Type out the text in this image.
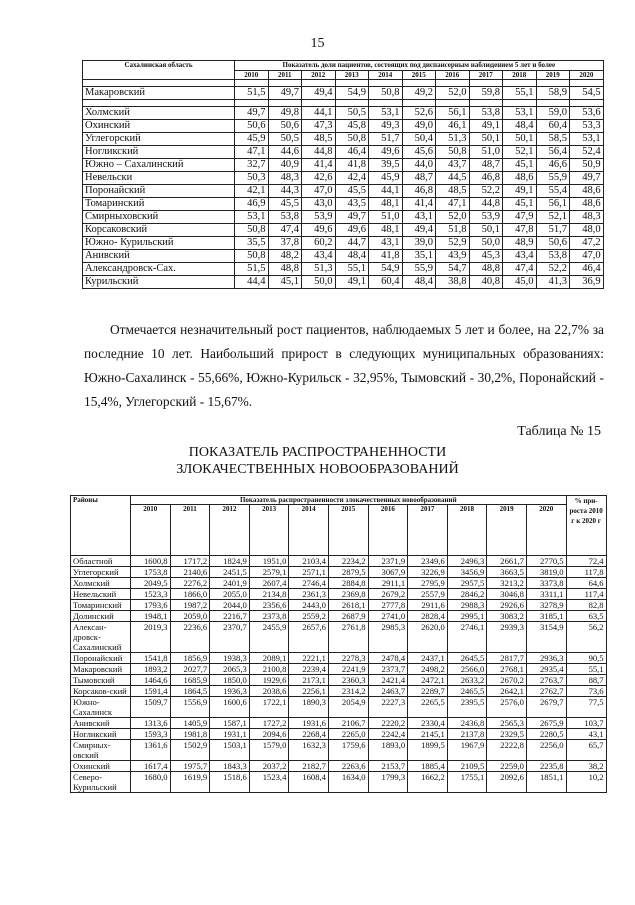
15
Сахалинская область	Показатель доли пациентов, состоящих под диспансерным наблюдением 5 лет и более										
	2010	2011	2012	2013	2014	2015	2016	2017	2018	2019	2020

Макаровский	51,5	49,7	49,4	54,9	50,8	49,2	52,0	59,8	55,1	58,9	54,5

Холмский	49,7	49,8	44,1	50,5	53,1	52,6	56,1	53,8	53,1	59,0	53,6
Охинский	50,6	50,6	47,3	45,8	49,3	49,0	46,1	49,1	48,4	60,4	53,3
Углегорский	45,9	50,5	48,5	50,8	51,7	50,4	51,3	50,1	50,1	58,5	53,1
Ногликский	47,1	44,6	44,8	46,4	49,6	45,6	50,8	51,0	52,1	56,4	52,4
Южно – Сахалинский	32,7	40,9	41,4	41,8	39,5	44,0	43,7	48,7	45,1	46,6	50,9
Невельски	50,3	48,3	42,6	42,4	45,9	48,7	44,5	46,8	48,6	55,9	49,7
Поронайский	42,1	44,3	47,0	45,5	44,1	46,8	48,5	52,2	49,1	55,4	48,6
Томаринский	46,9	45,5	43,0	43,5	48,1	41,4	47,1	44,8	45,1	56,1	48,6
Смирныховский	53,1	53,8	53,9	49,7	51,0	43,1	52,0	53,9	47,9	52,1	48,3
Корсаковский	50,8	47,4	49,6	49,6	48,1	49,4	51,8	50,1	47,8	51,7	48,0
Южно- Курильский	35,5	37,8	60,2	44,7	43,1	39,0	52,9	50,0	48,9	50,6	47,2
Анивский	50,8	48,2	43,4	48,4	41,8	35,1	43,9	45,3	43,4	53,8	47,0
Александровск-Сах.	51,5	48,8	51,3	55,1	54,9	55,9	54,7	48,8	47,4	52,2	46,4
Курильский	44,4	45,1	50,0	49,1	60,4	48,4	38,8	40,8	45,0	41,3	36,9

Отмечается незначительный рост пациентов, наблюдаемых 5 лет и более, на 22,7% за последние 10 лет. Наибольший прирост в следующих муниципальных образованиях: Южно-Сахалинск - 55,66%, Южно-Курильск - 32,95%, Тымовский - 30,2%, Поронайский - 15,4%, Углегорский - 15,67%.

Таблица № 15
ПОКАЗАТЕЛЬ РАСПРОСТРАНЕННОСТИ
ЗЛОКАЧЕСТВЕННЫХ НОВООБРАЗОВАНИЙ
Районы	Показатель распространенности злокачественных новообразований											% при-роста 2010 г к 2020 г
	2010	2011	2012	2013	2014	2015	2016	2017	2018	2019	2020	
Областной	1600,8	1717,2	1824,9	1951,0	2103,4	2234,2	2371,9	2349,6	2496,3	2661,7	2770,5	72,4
Углегорский	1753,8	2140,6	2451,5	2579,1	2571,1	2879,5	3067,9	3226,9	3456,9	3663,5	3819,0	117,8
Холмский	2049,5	2276,2	2401,9	2607,4	2746,4	2884,8	2911,1	2795,9	2957,5	3213,2	3373,8	64,6
Невельский	1523,3	1866,0	2055,0	2134,8	2361,3	2369,8	2679,2	2557,9	2846,2	3046,8	3311,1	117,4
Томаринский	1793,6	1987,2	2044,0	2356,6	2443,0	2618,1	2777,8	2911,6	2988,3	2926,6	3278,9	82,8
Долинский	1948,1	2059,0	2216,7	2373,8	2559,2	2687,9	2741,0	2828,4	2995,1	3083,2	3185,1	63,5
Алексан-дровск-Сахалинский	2019,3	2236,6	2370,7	2455,9	2657,6	2761,8	2985,3	2620,0	2746,1	2939,3	3154,9	56,2
Поронайский	1541,8	1856,9	1938,3	2089,1	2221,1	2278,3	2478,4	2437,1	2645,5	2817,7	2936,3	90,5
Макаровский	1893,2	2027,7	2065,3	2100,8	2239,4	2241,9	2373,7	2498,2	2566,0	2768,1	2935,4	55,1
Тымовский	1464,6	1685,9	1850,0	1929,6	2173,1	2360,3	2421,4	2472,1	2633,2	2670,2	2763,7	88,7
Корсаков-ский	1591,4	1864,5	1936,3	2038,6	2256,1	2314,2	2463,7	2289,7	2465,5	2642,1	2762,7	73,6
Южно-Сахалинск	1509,7	1556,9	1600,6	1722,1	1890,3	2054,9	2227,3	2265,5	2395,5	2576,0	2679,7	77,5
Анивский	1313,6	1405,9	1587,1	1727,2	1931,6	2106,7	2220,2	2330,4	2436,8	2565,3	2675,9	103,7
Ногликский	1593,3	1981,8	1931,1	2094,6	2268,4	2265,0	2242,4	2145,1	2137,8	2329,5	2280,5	43,1
Смирных-овский	1361,6	1502,9	1503,1	1579,0	1632,3	1759,6	1893,0	1899,5	1967,9	2222,8	2256,0	65,7
Охинский	1617,4	1975,7	1843,3	2037,2	2182,7	2263,6	2153,7	1885,4	2109,5	2259,0	2235,8	38,2
Северо-Курильский	1680,0	1619,9	1518,6	1523,4	1608,4	1634,0	1799,3	1662,2	1755,1	2092,6	1851,1	10,2
